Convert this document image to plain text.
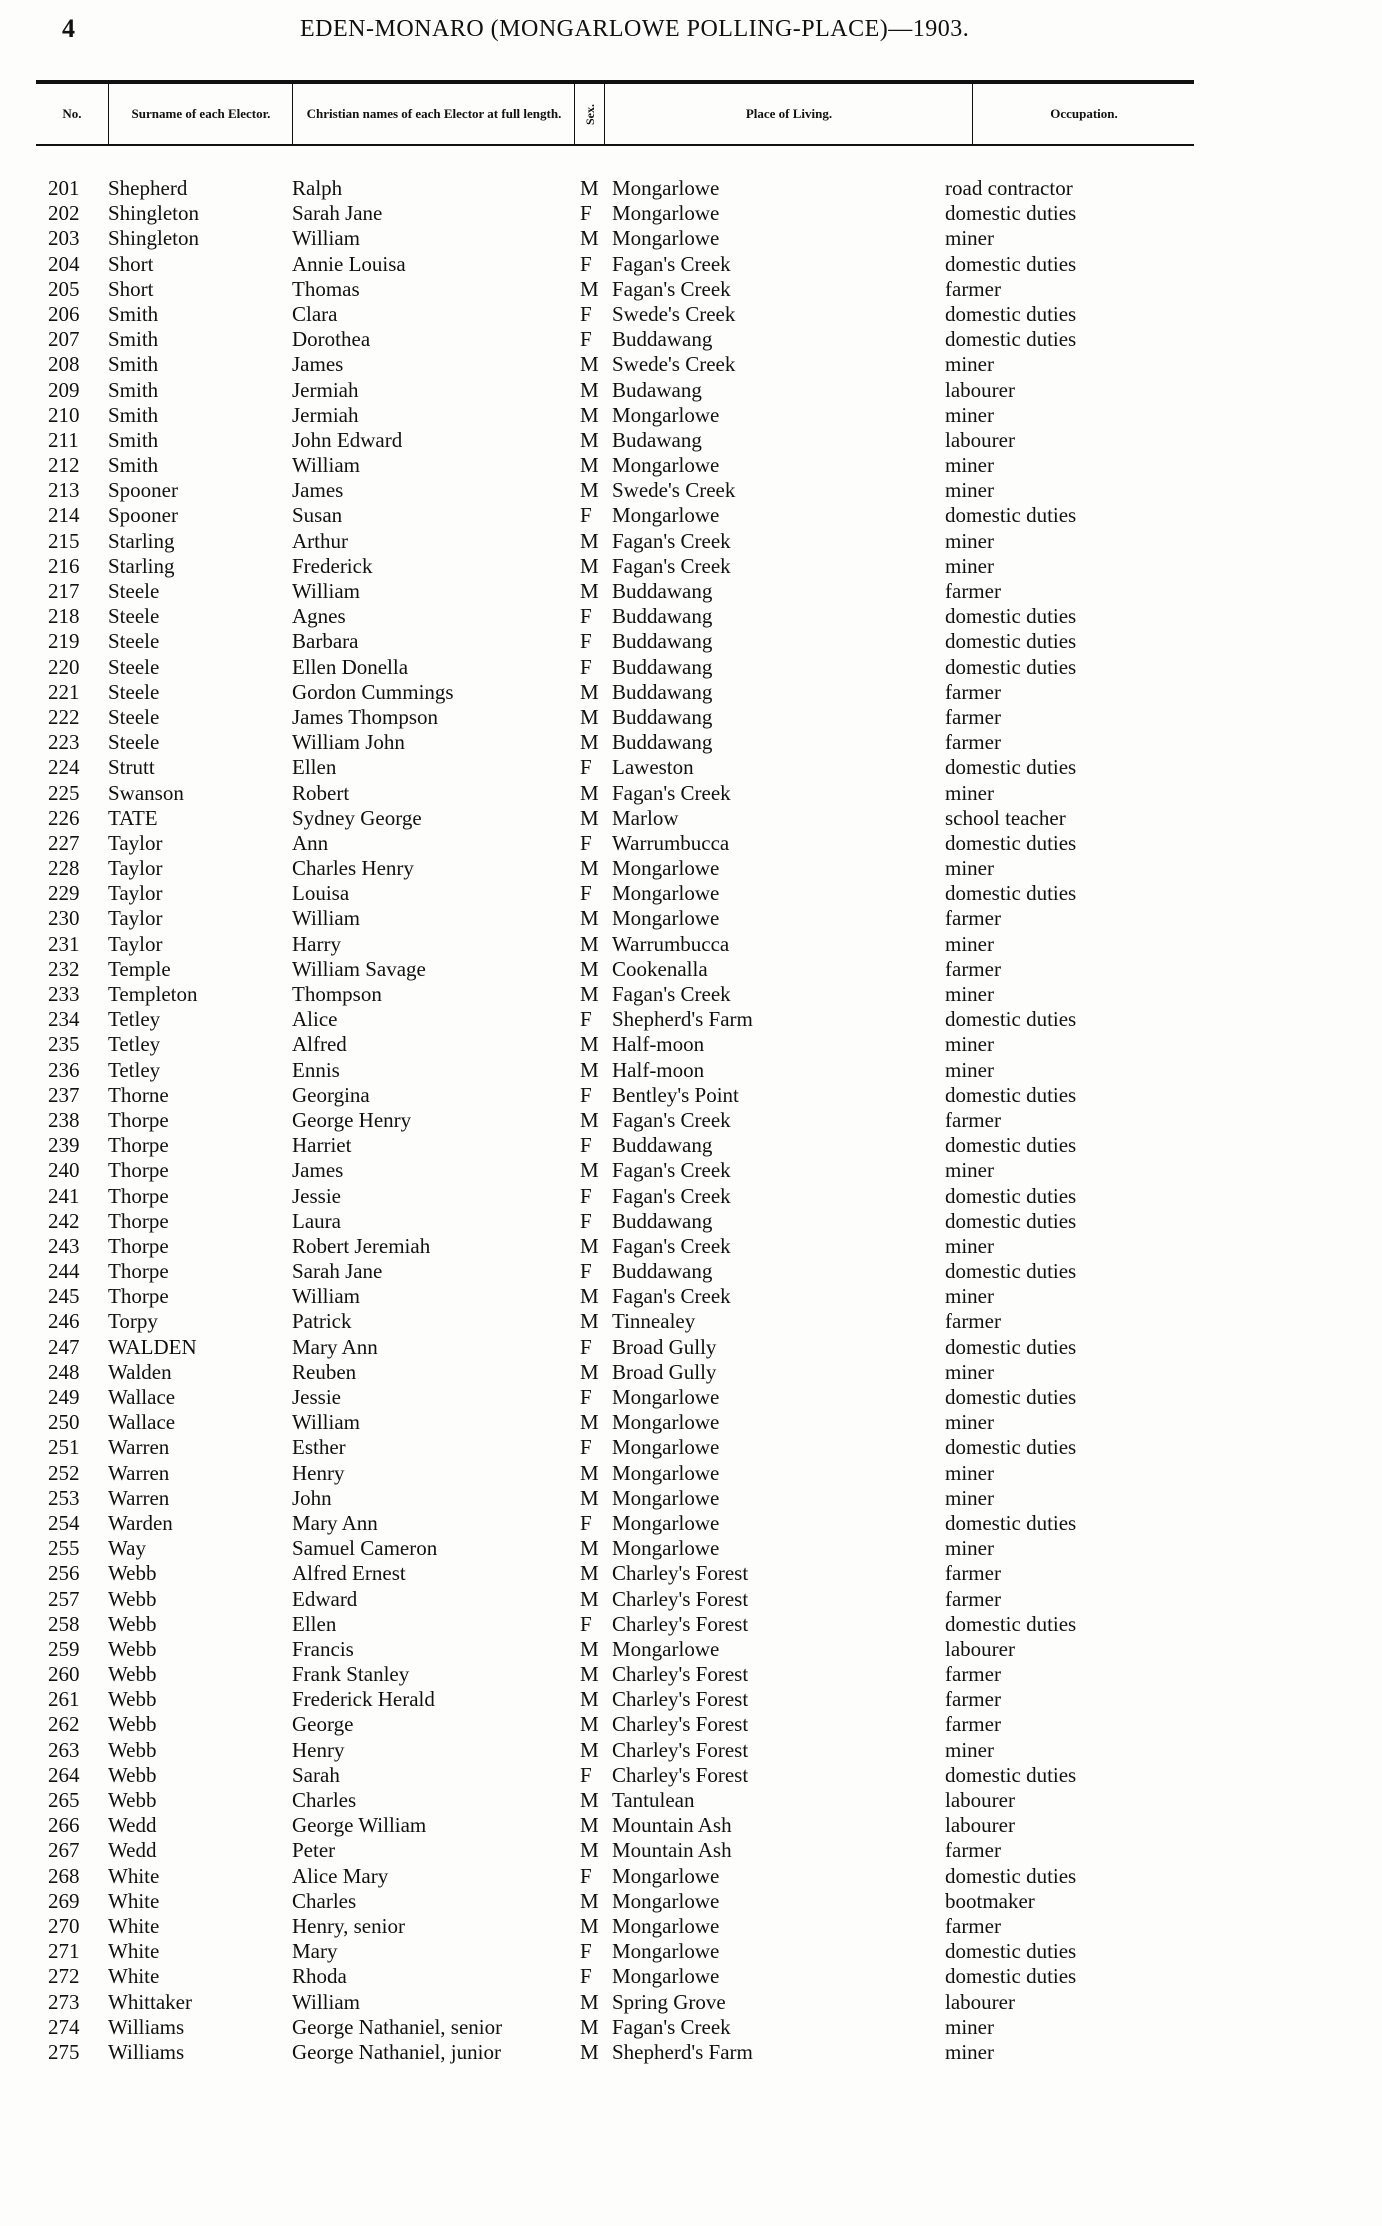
4	EDEN-MONARO (MONGARLOWE POLLING-PLACE)—1903.
No.	Surname of each Elector.	Christian names of each Elector at full length.	Sex.	Place of Living.	Occupation.
201 Shepherd	Ralph	M Mongarlowe	road contractor
202 Shingleton	Sarah Jane	F Mongarlowe	domestic duties
203 Shingleton	William	M Mongarlowe	miner
204 Short	Annie Louisa	F Fagan's Creek	domestic duties
205 Short	Thomas	M Fagan's Creek	farmer
206 Smith	Clara	F Swede's Creek	domestic duties
207 Smith	Dorothea	F Buddawang	domestic duties
208 Smith	James	M Swede's Creek	miner
209 Smith	Jermiah	M Budawang	labourer
210 Smith	Jermiah	M Mongarlowe	miner
211 Smith	John Edward	M Budawang	labourer
212 Smith	William	M Mongarlowe	miner
213 Spooner	James	M Swede's Creek	miner
214 Spooner	Susan	F Mongarlowe	domestic duties
215 Starling	Arthur	M Fagan's Creek	miner
216 Starling	Frederick	M Fagan's Creek	miner
217 Steele	William	M Buddawang	farmer
218 Steele	Agnes	F Buddawang	domestic duties
219 Steele	Barbara	F Buddawang	domestic duties
220 Steele	Ellen Donella	F Buddawang	domestic duties
221 Steele	Gordon Cummings	M Buddawang	farmer
222 Steele	James Thompson	M Buddawang	farmer
223 Steele	William John	M Buddawang	farmer
224 Strutt	Ellen	F Laweston	domestic duties
225 Swanson	Robert	M Fagan's Creek	miner
226 TATE	Sydney George	M Marlow	school teacher
227 Taylor	Ann	F Warrumbucca	domestic duties
228 Taylor	Charles Henry	M Mongarlowe	miner
229 Taylor	Louisa	F Mongarlowe	domestic duties
230 Taylor	William	M Mongarlowe	farmer
231 Taylor	Harry	M Warrumbucca	miner
232 Temple	William Savage	M Cookenalla	farmer
233 Templeton	Thompson	M Fagan's Creek	miner
234 Tetley	Alice	F Shepherd's Farm	domestic duties
235 Tetley	Alfred	M Half-moon	miner
236 Tetley	Ennis	M Half-moon	miner
237 Thorne	Georgina	F Bentley's Point	domestic duties
238 Thorpe	George Henry	M Fagan's Creek	farmer
239 Thorpe	Harriet	F Buddawang	domestic duties
240 Thorpe	James	M Fagan's Creek	miner
241 Thorpe	Jessie	F Fagan's Creek	domestic duties
242 Thorpe	Laura	F Buddawang	domestic duties
243 Thorpe	Robert Jeremiah	M Fagan's Creek	miner
244 Thorpe	Sarah Jane	F Buddawang	domestic duties
245 Thorpe	William	M Fagan's Creek	miner
246 Torpy	Patrick	M Tinnealey	farmer
247 WALDEN	Mary Ann	F Broad Gully	domestic duties
248 Walden	Reuben	M Broad Gully	miner
249 Wallace	Jessie	F Mongarlowe	domestic duties
250 Wallace	William	M Mongarlowe	miner
251 Warren	Esther	F Mongarlowe	domestic duties
252 Warren	Henry	M Mongarlowe	miner
253 Warren	John	M Mongarlowe	miner
254 Warden	Mary Ann	F Mongarlowe	domestic duties
255 Way	Samuel Cameron	M Mongarlowe	miner
256 Webb	Alfred Ernest	M Charley's Forest	farmer
257 Webb	Edward	M Charley's Forest	farmer
258 Webb	Ellen	F Charley's Forest	domestic duties
259 Webb	Francis	M Mongarlowe	labourer
260 Webb	Frank Stanley	M Charley's Forest	farmer
261 Webb	Frederick Herald	M Charley's Forest	farmer
262 Webb	George	M Charley's Forest	farmer
263 Webb	Henry	M Charley's Forest	miner
264 Webb	Sarah	F Charley's Forest	domestic duties
265 Webb	Charles	M Tantulean	labourer
266 Wedd	George William	M Mountain Ash	labourer
267 Wedd	Peter	M Mountain Ash	farmer
268 White	Alice Mary	F Mongarlowe	domestic duties
269 White	Charles	M Mongarlowe	bootmaker
270 White	Henry, senior	M Mongarlowe	farmer
271 White	Mary	F Mongarlowe	domestic duties
272 White	Rhoda	F Mongarlowe	domestic duties
273 Whittaker	William	M Spring Grove	labourer
274 Williams	George Nathaniel, senior	M Fagan's Creek	miner
275 Williams	George Nathaniel, junior	M Shepherd's Farm	miner
